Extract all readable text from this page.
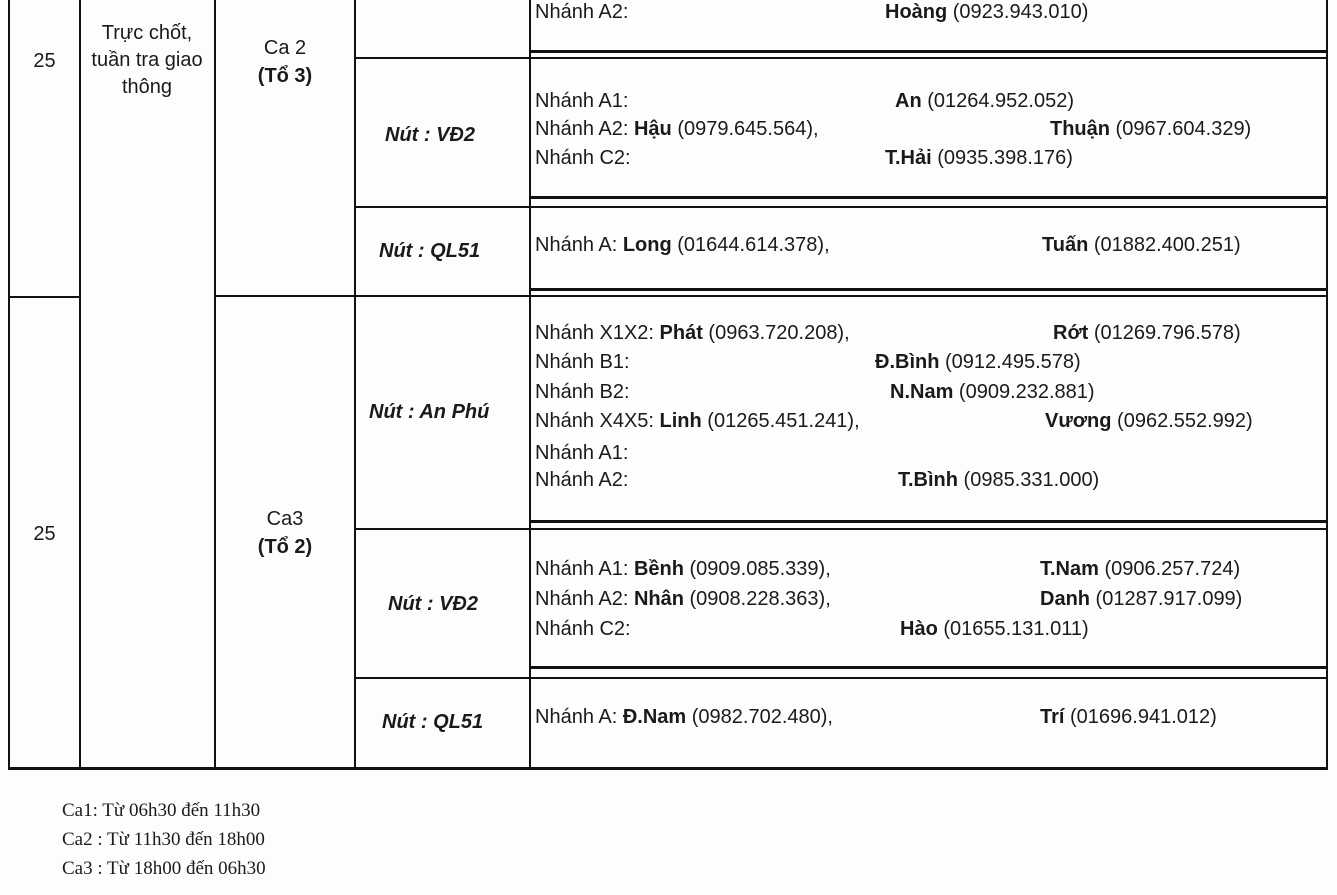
25
Trực chốt, tuần tra giao thông
Ca 2
(Tổ 3)
Nhánh A2:	Hoàng (0923.943.010)
Nút : VĐ2
Nhánh A1:	An (01264.952.052)
Nhánh A2: Hậu (0979.645.564),	Thuận (0967.604.329)
Nhánh C2:	T.Hải (0935.398.176)
Nút : QL51	Nhánh A: Long (01644.614.378),	Tuấn (01882.400.251)
25
Ca3
(Tổ 2)
Nút : An Phú
Nhánh X1X2: Phát (0963.720.208),	Rớt (01269.796.578)
Nhánh B1:	Đ.Bình (0912.495.578)
Nhánh B2:	N.Nam (0909.232.881)
Nhánh X4X5: Linh (01265.451.241),	Vương (0962.552.992)
Nhánh A1:
Nhánh A2:	T.Bình (0985.331.000)
Nút : VĐ2
Nhánh A1: Bềnh (0909.085.339),	T.Nam (0906.257.724)
Nhánh A2: Nhân (0908.228.363),	Danh (01287.917.099)
Nhánh C2:	Hào (01655.131.011)
Nút : QL51	Nhánh A: Đ.Nam (0982.702.480),	Trí (01696.941.012)
Ca1: Từ 06h30 đến 11h30
Ca2 : Từ 11h30 đến 18h00
Ca3 : Từ 18h00 đến 06h30
